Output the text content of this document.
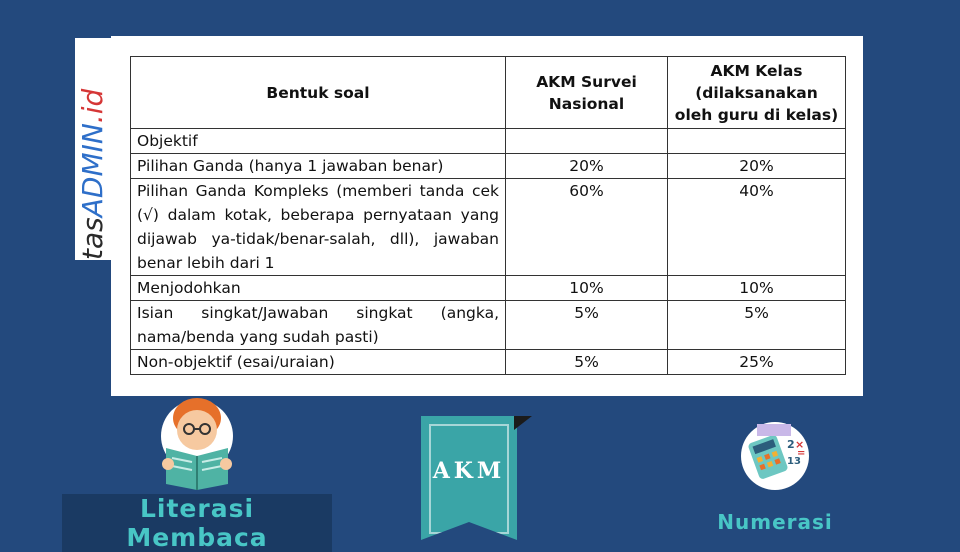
tasADMIN.id	Bentuk soal	AKM Survei Nasional	AKM Kelas (dilaksanakan oleh guru di kelas)
Objektif		
Pilihan Ganda (hanya 1 jawaban benar)	20%	20%
Pilihan Ganda Kompleks (memberi tanda cek (√) dalam kotak, beberapa pernyataan yang dijawab ya-tidak/benar-salah, dll), jawaban benar lebih dari 1	60%	40%
Menjodohkan	10%	10%
Isian singkat/Jawaban singkat (angka, nama/benda yang sudah pasti)	5%	5%
Non-objektif (esai/uraian)	5%	25%
Literasi Membaca
AKM
2 ×
13
=
Numerasi
